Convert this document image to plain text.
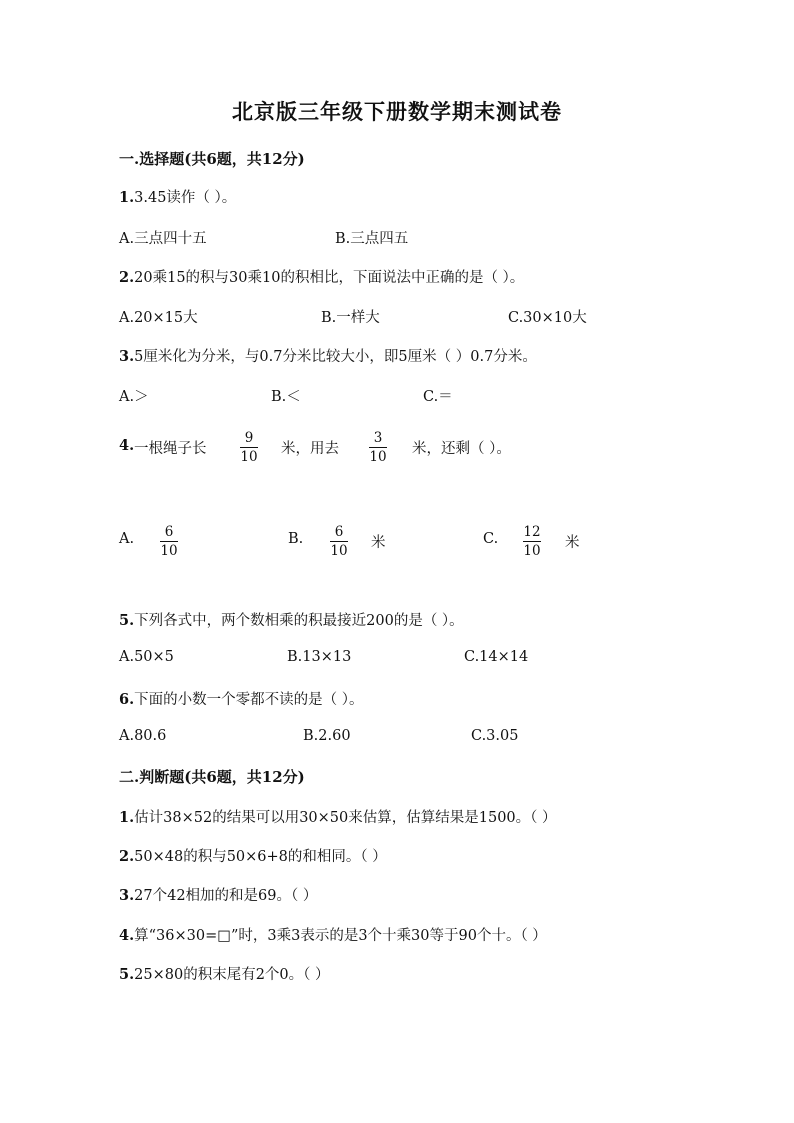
北京版三年级下册数学期末测试卷
一.选择题(共6题，共12分)
1.3.45读作（ ）。
A.三点四十五	B.三点四五
2.20乘15的积与30乘10的积相比，下面说法中正确的是（ ）。
A.20×15大	B.一样大	C.30×10大
3.5厘米化为分米，与0.7分米比较大小，即5厘米（ ）0.7分米。
A.＞	B.＜	C.＝
4. 一根绳子长
9
10 米，用去
3
10 米，还剩（ ）。
A. 6
10
B. 6
10 米	C. 12
10 米
5.下列各式中，两个数相乘的积最接近200的是（ ）。
A.50×5	B.13×13	C.14×14
6.下面的小数一个零都不读的是（ ）。
A.80.6	B.2.60	C.3.05
二.判断题(共6题，共12分)
1.估计38×52的结果可以用30×50来估算，估算结果是1500。（ ）
2.50×48的积与50×6+8的和相同。（ ）
3.27个42相加的和是69。（ ）
4.算“36×30=□”时，3乘3表示的是3个十乘30等于90个十。（ ）
5.25×80的积末尾有2个0。（ ）
